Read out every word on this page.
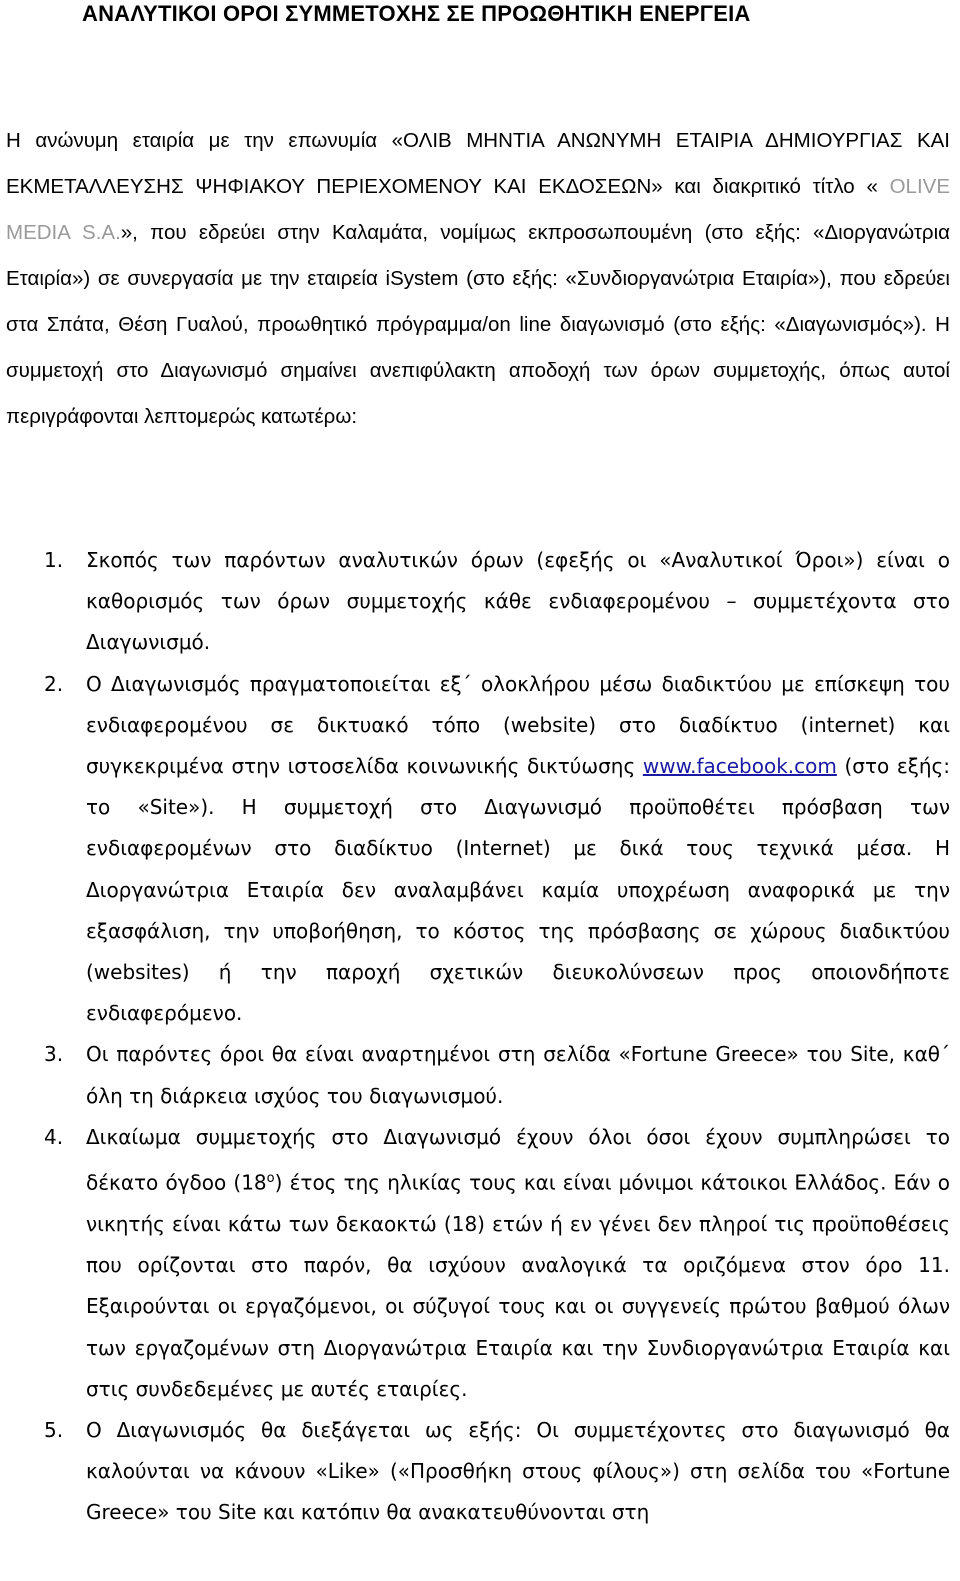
ΑΝΑΛΥΤΙΚΟΙ ΟΡΟΙ ΣΥΜΜΕΤΟΧΗΣ ΣΕ ΠΡΟΩΘΗΤΙΚΗ ΕΝΕΡΓΕΙΑ

Η ανώνυμη εταιρία με την επωνυμία «ΟΛΙΒ ΜΗΝΤΙΑ ΑΝΩΝΥΜΗ ΕΤΑΙΡΙΑ ΔΗΜΙΟΥΡΓΙΑΣ ΚΑΙ ΕΚΜΕΤΑΛΛΕΥΣΗΣ ΨΗΦΙΑΚΟΥ ΠΕΡΙΕΧΟΜΕΝΟΥ ΚΑΙ ΕΚΔΟΣΕΩΝ» και διακριτικό τίτλο « OLIVE MEDIA S.A.», που εδρεύει στην Καλαμάτα, νομίμως εκπροσωπουμένη (στο εξής: «Διοργανώτρια Εταιρία») σε συνεργασία με την εταιρεία iSystem (στο εξής: «Συνδιοργανώτρια Εταιρία»), που εδρεύει στα Σπάτα, Θέση Γυαλού, προωθητικό πρόγραμμα/on line διαγωνισμό (στο εξής: «Διαγωνισμός»). Η συμμετοχή στο Διαγωνισμό σημαίνει ανεπιφύλακτη αποδοχή των όρων συμμετοχής, όπως αυτοί περιγράφονται λεπτομερώς κατωτέρω:

1. Σκοπός των παρόντων αναλυτικών όρων (εφεξής οι «Αναλυτικοί Όροι») είναι ο καθορισμός των όρων συμμετοχής κάθε ενδιαφερομένου – συμμετέχοντα στο Διαγωνισμό.
2. Ο Διαγωνισμός πραγματοποιείται εξ΄ ολοκλήρου μέσω διαδικτύου με επίσκεψη του ενδιαφερομένου σε δικτυακό τόπο (website) στο διαδίκτυο (internet) και συγκεκριμένα στην ιστοσελίδα κοινωνικής δικτύωσης www.facebook.com (στο εξής: το «Site»). Η συμμετοχή στο Διαγωνισμό προϋποθέτει πρόσβαση των ενδιαφερομένων στο διαδίκτυο (Internet) με δικά τους τεχνικά μέσα. Η Διοργανώτρια Εταιρία δεν αναλαμβάνει καμία υποχρέωση αναφορικά με την εξασφάλιση, την υποβοήθηση, το κόστος της πρόσβασης σε χώρους διαδικτύου (websites) ή την παροχή σχετικών διευκολύνσεων προς οποιονδήποτε ενδιαφερόμενο.
3. Οι παρόντες όροι θα είναι αναρτημένοι στη σελίδα «Fortune Greece» του Site, καθ΄ όλη τη διάρκεια ισχύος του διαγωνισμού.
4. Δικαίωμα συμμετοχής στο Διαγωνισμό έχουν όλοι όσοι έχουν συμπληρώσει το δέκατο όγδοο $(18^o)$ έτος της ηλικίας τους και είναι μόνιμοι κάτοικοι Ελλάδος. Εάν ο νικητής είναι κάτω των δεκαοκτώ (18) ετών ή εν γένει δεν πληροί τις προϋποθέσεις που ορίζονται στο παρόν, θα ισχύουν αναλογικά τα οριζόμενα στον όρο 11. Εξαιρούνται οι εργαζόμενοι, οι σύζυγοί τους και οι συγγενείς πρώτου βαθμού όλων των εργαζομένων στη Διοργανώτρια Εταιρία και την Συνδιοργανώτρια Εταιρία και στις συνδεδεμένες με αυτές εταιρίες.
5. Ο Διαγωνισμός θα διεξάγεται ως εξής: Οι συμμετέχοντες στο διαγωνισμό θα καλούνται να κάνουν «Like» («Προσθήκη στους φίλους») στη σελίδα του «Fortune Greece» του Site και κατόπιν θα ανακατευθύνονται στη
